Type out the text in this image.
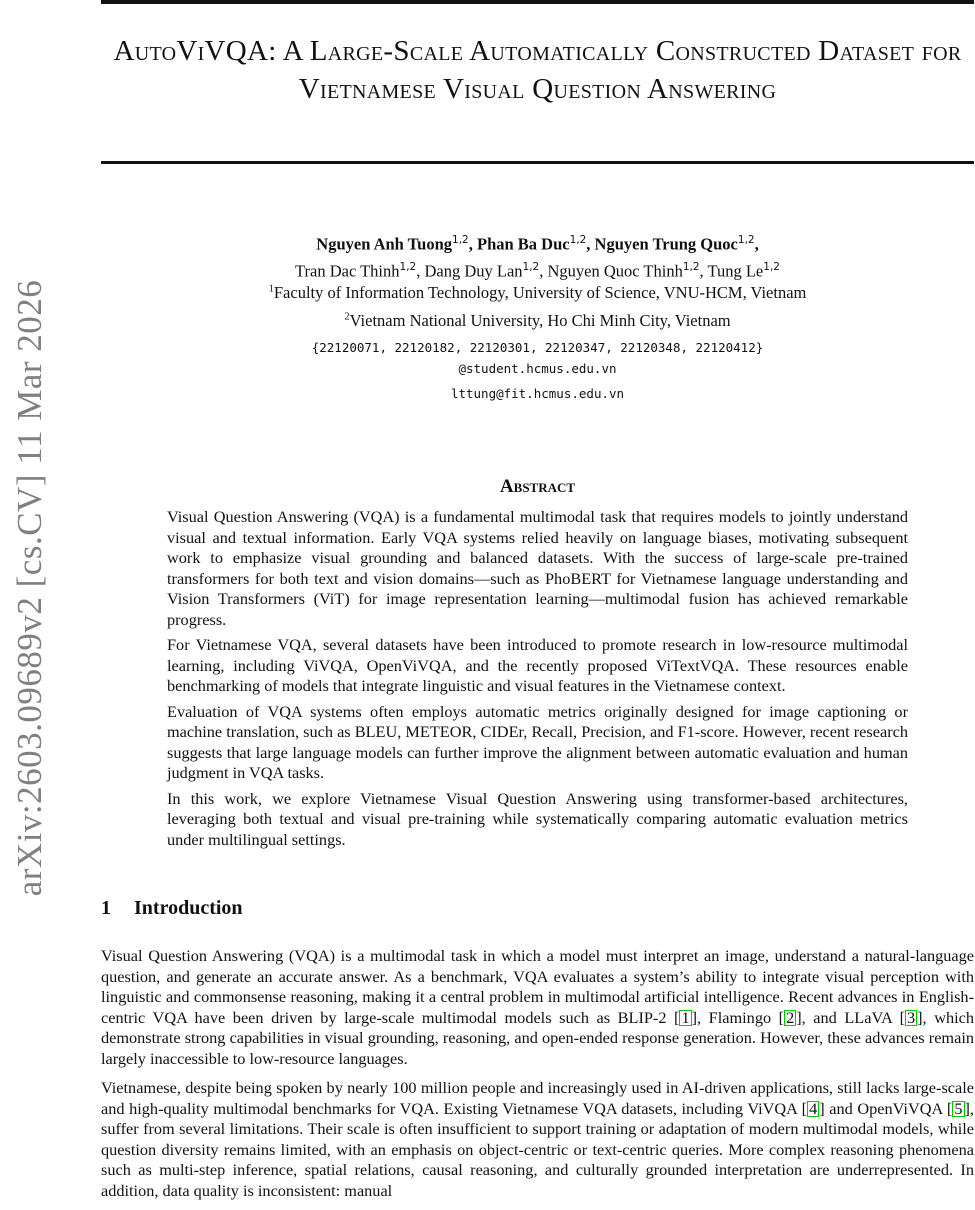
arXiv:2603.09689v2 [cs.CV] 11 Mar 2026
AutoViVQA: A Large-Scale Automatically Constructed Dataset for Vietnamese Visual Question Answering
Nguyen Anh Tuong$^{1,2}$, Phan Ba Duc$^{1,2}$, Nguyen Trung Quoc$^{1,2}$,
Tran Dac Thinh$^{1,2}$, Dang Duy Lan$^{1,2}$, Nguyen Quoc Thinh$^{1,2}$, Tung Le$^{1,2}$
$^1$Faculty of Information Technology, University of Science, VNU-HCM, Vietnam
$^2$Vietnam National University, Ho Chi Minh City, Vietnam
{22120071, 22120182, 22120301, 22120347, 22120348, 22120412}
@student.hcmus.edu.vn
lttung@fit.hcmus.edu.vn
Abstract

Visual Question Answering (VQA) is a fundamental multimodal task that requires models to jointly understand visual and textual information. Early VQA systems relied heavily on language biases, motivating subsequent work to emphasize visual grounding and balanced datasets. With the success of large-scale pre-trained transformers for both text and vision domains—such as PhoBERT for Vietnamese language understanding and Vision Transformers (ViT) for image representation learning—multimodal fusion has achieved remarkable progress.

For Vietnamese VQA, several datasets have been introduced to promote research in low-resource multimodal learning, including ViVQA, OpenViVQA, and the recently proposed ViTextVQA. These resources enable benchmarking of models that integrate linguistic and visual features in the Vietnamese context.

Evaluation of VQA systems often employs automatic metrics originally designed for image captioning or machine translation, such as BLEU, METEOR, CIDEr, Recall, Precision, and F1-score. However, recent research suggests that large language models can further improve the alignment between automatic evaluation and human judgment in VQA tasks.

In this work, we explore Vietnamese Visual Question Answering using transformer-based architectures, leveraging both textual and visual pre-training while systematically comparing automatic evaluation metrics under multilingual settings.

1 Introduction

Visual Question Answering (VQA) is a multimodal task in which a model must interpret an image, understand a natural-language question, and generate an accurate answer. As a benchmark, VQA evaluates a system’s ability to integrate visual perception with linguistic and commonsense reasoning, making it a central problem in multimodal artificial intelligence. Recent advances in English-centric VQA have been driven by large-scale multimodal models such as BLIP-2 [ 1 ], Flamingo [ 2 ], and LLaVA [ 3 ], which demonstrate strong capabilities in visual grounding, reasoning, and open-ended response generation. However, these advances remain largely inaccessible to low-resource languages.

Vietnamese, despite being spoken by nearly 100 million people and increasingly used in AI-driven applications, still lacks large-scale and high-quality multimodal benchmarks for VQA. Existing Vietnamese VQA datasets, including ViVQA [ 4 ] and OpenViVQA [ 5 ], suffer from several limitations. Their scale is often insufficient to support training or adaptation of modern multimodal models, while question diversity remains limited, with an emphasis on object-centric or text-centric queries. More complex reasoning phenomena such as multi-step inference, spatial relations, causal reasoning, and culturally grounded interpretation are underrepresented. In addition, data quality is inconsistent: manual
